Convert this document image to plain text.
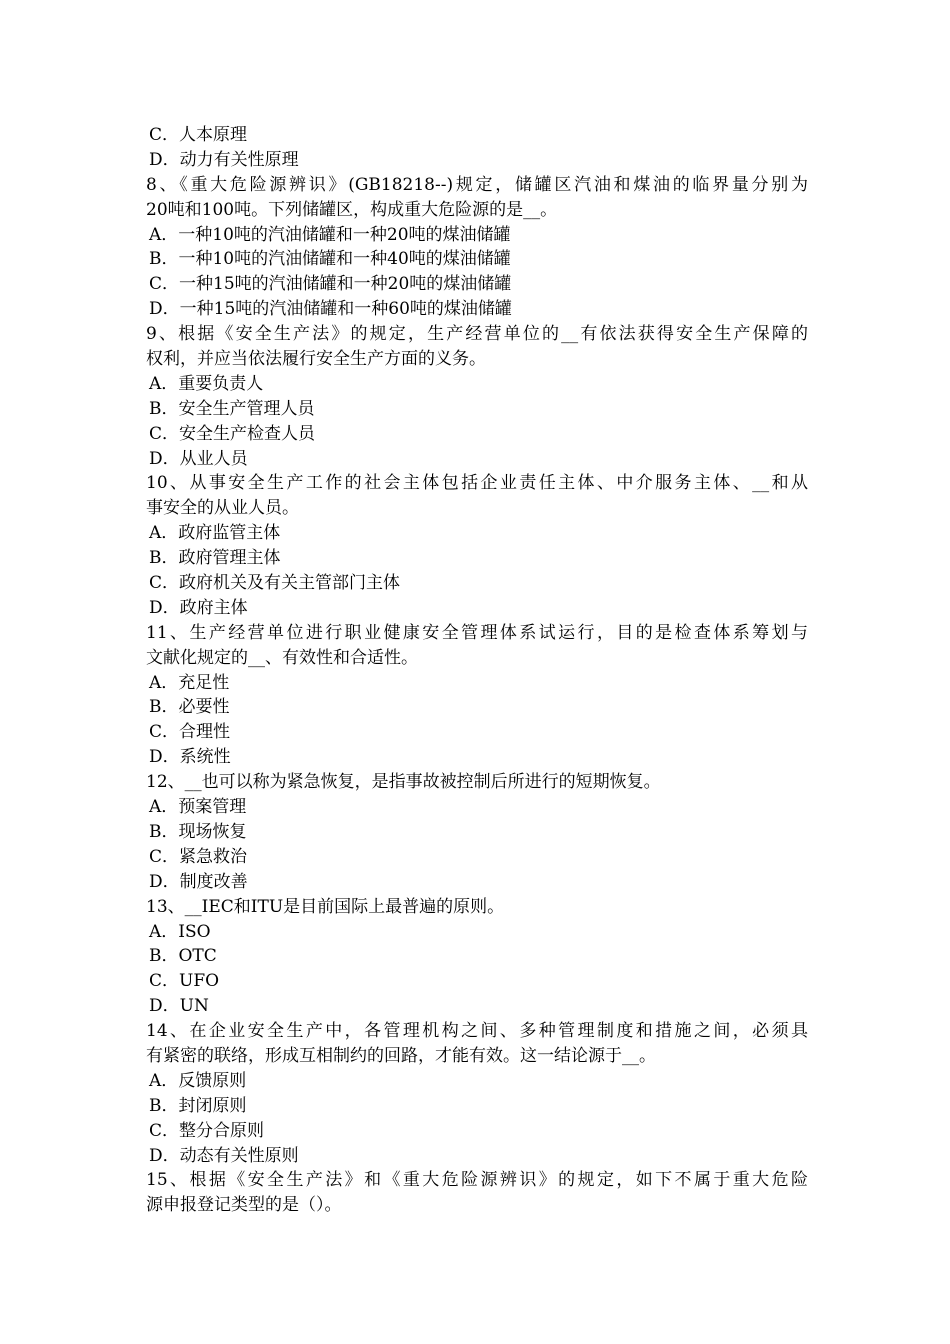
C．人本原理
D．动力有关性原理
8、《重大危险源辨识》(GB18218--)规定，储罐区汽油和煤油的临界量分别为
20吨和100吨。下列储罐区，构成重大危险源的是__。
A．一种10吨的汽油储罐和一种20吨的煤油储罐
B．一种10吨的汽油储罐和一种40吨的煤油储罐
C．一种15吨的汽油储罐和一种20吨的煤油储罐
D．一种15吨的汽油储罐和一种60吨的煤油储罐
9、根据《安全生产法》的规定，生产经营单位的__有依法获得安全生产保障的
权利，并应当依法履行安全生产方面的义务。
A．重要负责人
B．安全生产管理人员
C．安全生产检查人员
D．从业人员
10、从事安全生产工作的社会主体包括企业责任主体、中介服务主体、__和从
事安全的从业人员。
A．政府监管主体
B．政府管理主体
C．政府机关及有关主管部门主体
D．政府主体
11、生产经营单位进行职业健康安全管理体系试运行，目的是检查体系筹划与
文献化规定的__、有效性和合适性。
A．充足性
B．必要性
C．合理性
D．系统性
12、__也可以称为紧急恢复，是指事故被控制后所进行的短期恢复。
A．预案管理
B．现场恢复
C．紧急救治
D．制度改善
13、__IEC和ITU是目前国际上最普遍的原则。
A．ISO
B．OTC
C．UFO
D．UN
14、在企业安全生产中，各管理机构之间、多种管理制度和措施之间，必须具
有紧密的联络，形成互相制约的回路，才能有效。这一结论源于__。
A．反馈原则
B．封闭原则
C．整分合原则
D．动态有关性原则
15、根据《安全生产法》和《重大危险源辨识》的规定，如下不属于重大危险
源申报登记类型的是（）。
